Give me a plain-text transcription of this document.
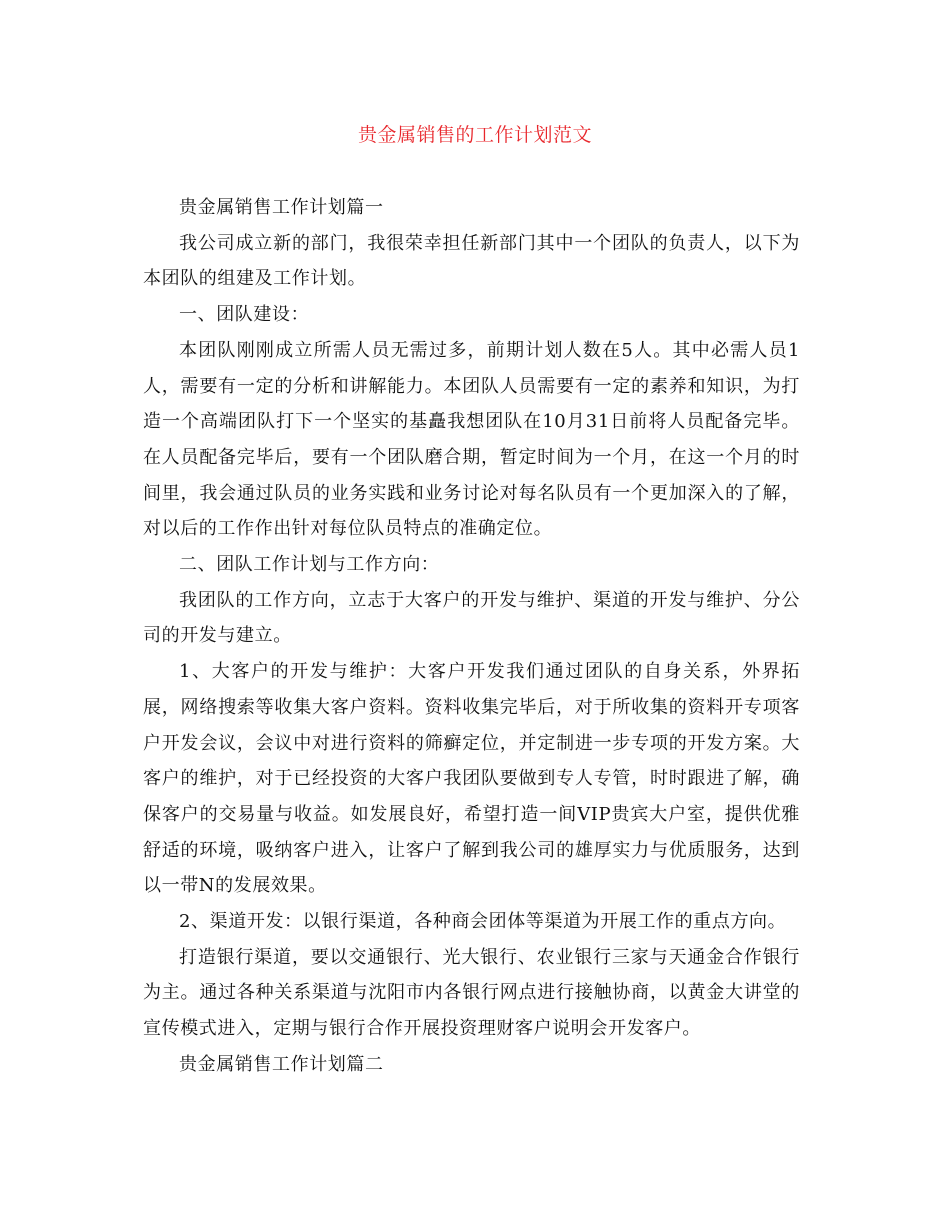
贵金属销售的工作计划范文

贵金属销售工作计划篇一

我公司成立新的部门，我很荣幸担任新部门其中一个团队的负责人，以下为本团队的组建及工作计划。

一、团队建设：

本团队刚刚成立所需人员无需过多，前期计划人数在5人。其中必需人员1人，需要有一定的分析和讲解能力。本团队人员需要有一定的素养和知识，为打造一个高端团队打下一个坚实的基矗我想团队在10月31日前将人员配备完毕。在人员配备完毕后，要有一个团队磨合期，暂定时间为一个月，在这一个月的时间里，我会通过队员的业务实践和业务讨论对每名队员有一个更加深入的了解，对以后的工作作出针对每位队员特点的准确定位。

二、团队工作计划与工作方向：

我团队的工作方向，立志于大客户的开发与维护、渠道的开发与维护、分公司的开发与建立。

1、大客户的开发与维护：大客户开发我们通过团队的自身关系，外界拓展，网络搜索等收集大客户资料。资料收集完毕后，对于所收集的资料开专项客户开发会议，会议中对进行资料的筛癣定位，并定制进一步专项的开发方案。大客户的维护，对于已经投资的大客户我团队要做到专人专管，时时跟进了解，确保客户的交易量与收益。如发展良好，希望打造一间VIP贵宾大户室，提供优雅舒适的环境，吸纳客户进入，让客户了解到我公司的雄厚实力与优质服务，达到以一带N的发展效果。

2、渠道开发：以银行渠道，各种商会团体等渠道为开展工作的重点方向。

打造银行渠道，要以交通银行、光大银行、农业银行三家与天通金合作银行为主。通过各种关系渠道与沈阳市内各银行网点进行接触协商，以黄金大讲堂的宣传模式进入，定期与银行合作开展投资理财客户说明会开发客户。

贵金属销售工作计划篇二
